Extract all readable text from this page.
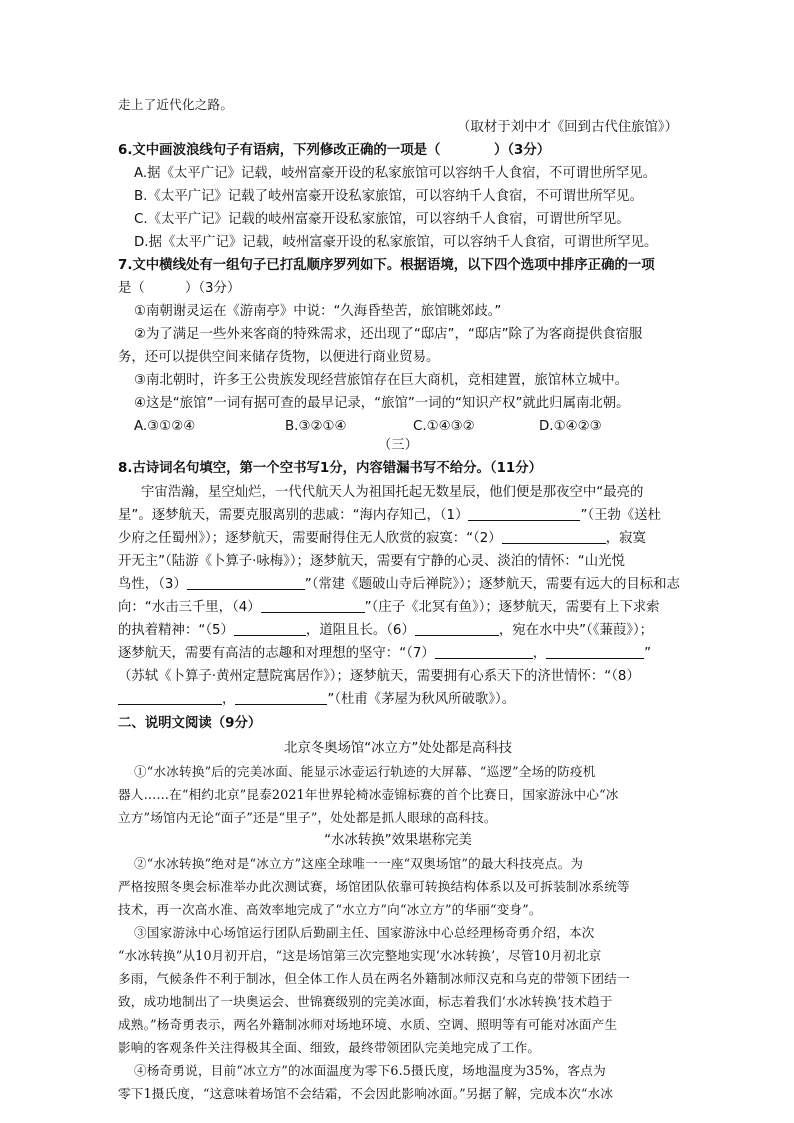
走上了近代化之路。
（取材于刘中才《回到古代住旅馆》）
6.文中画波浪线句子有语病，下列修改正确的一项是（　　　　）（3分）
A.据《太平广记》记载，岐州富豪开设的私家旅馆可以容纳千人食宿，不可谓世所罕见。
B.《太平广记》记载了岐州富豪开设私家旅馆，可以容纳千人食宿，不可谓世所罕见。
C.《太平广记》记载的岐州富豪开设私家旅馆，可以容纳千人食宿，可谓世所罕见。
D.据《太平广记》记载，岐州富豪开设的私家旅馆，可以容纳千人食宿，可谓世所罕见。
7.文中横线处有一组句子已打乱顺序罗列如下。根据语境，以下四个选项中排序正确的一项
是（　　　）（3分）
①南朝谢灵运在《游南亭》中说：“久海昏垫苦，旅馆眺郊歧。”
②为了满足一些外来客商的特殊需求，还出现了“邸店”，“邸店”除了为客商提供食宿服
务，还可以提供空间来储存货物，以便进行商业贸易。
③南北朝时，许多王公贵族发现经营旅馆存在巨大商机，竞相建置，旅馆林立城中。
④这是“旅馆”一词有据可查的最早记录，“旅馆”一词的“知识产权”就此归属南北朝。
A.③①②④	B.③②①④	C.①④③②	D.①④②③
（三）
8.古诗词名句填空，第一个空书写1分，内容错漏书写不给分。（11分）
宇宙浩瀚，星空灿烂，一代代航天人为祖国托起无数星辰，他们便是那夜空中“最亮的
星”。逐梦航天，需要克服离别的悲戚：“海内存知己，（1）	”（王勃《送杜
少府之任蜀州》）；逐梦航天，需要耐得住无人欣赏的寂寞：“（2）	，寂寞
开无主”（陆游《卜算子·咏梅》）；逐梦航天，需要有宁静的心灵、淡泊的情怀：“山光悦
鸟性，（3）	”（常建《题破山寺后禅院》）；逐梦航天，需要有远大的目标和志
向：“水击三千里，（4）	”（庄子《北冥有鱼》）；逐梦航天，需要有上下求索
的执着精神：“（5）	，道阻且长。（6）	，宛在水中央”（《蒹葭》）；
逐梦航天，需要有高洁的志趣和对理想的坚守：“（7）	，	”
（苏轼《卜算子·黄州定慧院寓居作》）；逐梦航天，需要拥有心系天下的济世情怀：“（8）
，	”（杜甫《茅屋为秋风所破歌》）。
二、说明文阅读（9分）
北京冬奥场馆“冰立方”处处都是高科技
①“水冰转换”后的完美冰面、能显示冰壶运行轨迹的大屏幕、“巡逻”全场的防疫机
器人……在“相约北京”昆泰2021年世界轮椅冰壶锦标赛的首个比赛日，国家游泳中心“冰
立方”场馆内无论“面子”还是“里子”，处处都是抓人眼球的高科技。
“水冰转换”效果堪称完美
②“水冰转换”绝对是“冰立方”这座全球唯一一座“双奥场馆”的最大科技亮点。为
严格按照冬奥会标准举办此次测试赛，场馆团队依靠可转换结构体系以及可拆装制冰系统等
技术，再一次高水准、高效率地完成了“水立方”向“冰立方”的华丽“变身”。
③国家游泳中心场馆运行团队后勤副主任、国家游泳中心总经理杨奇勇介绍，本次
“水冰转换”从10月初开启，“这是场馆第三次完整地实现‘水冰转换’，尽管10月初北京
多雨，气候条件不利于制冰，但全体工作人员在两名外籍制冰师汉克和乌克的带领下团结一
致，成功地制出了一块奥运会、世锦赛级别的完美冰面，标志着我们‘水冰转换’技术趋于
成熟。”杨奇勇表示，两名外籍制冰师对场地环境、水质、空调、照明等有可能对冰面产生
影响的客观条件关注得极其全面、细致，最终带领团队完美地完成了工作。
④杨奇勇说，目前“冰立方”的冰面温度为零下6.5摄氏度，场地温度为35%，客点为
零下1摄氏度，“这意味着场馆不会结霜，不会因此影响冰面。”另据了解，完成本次“水冰
